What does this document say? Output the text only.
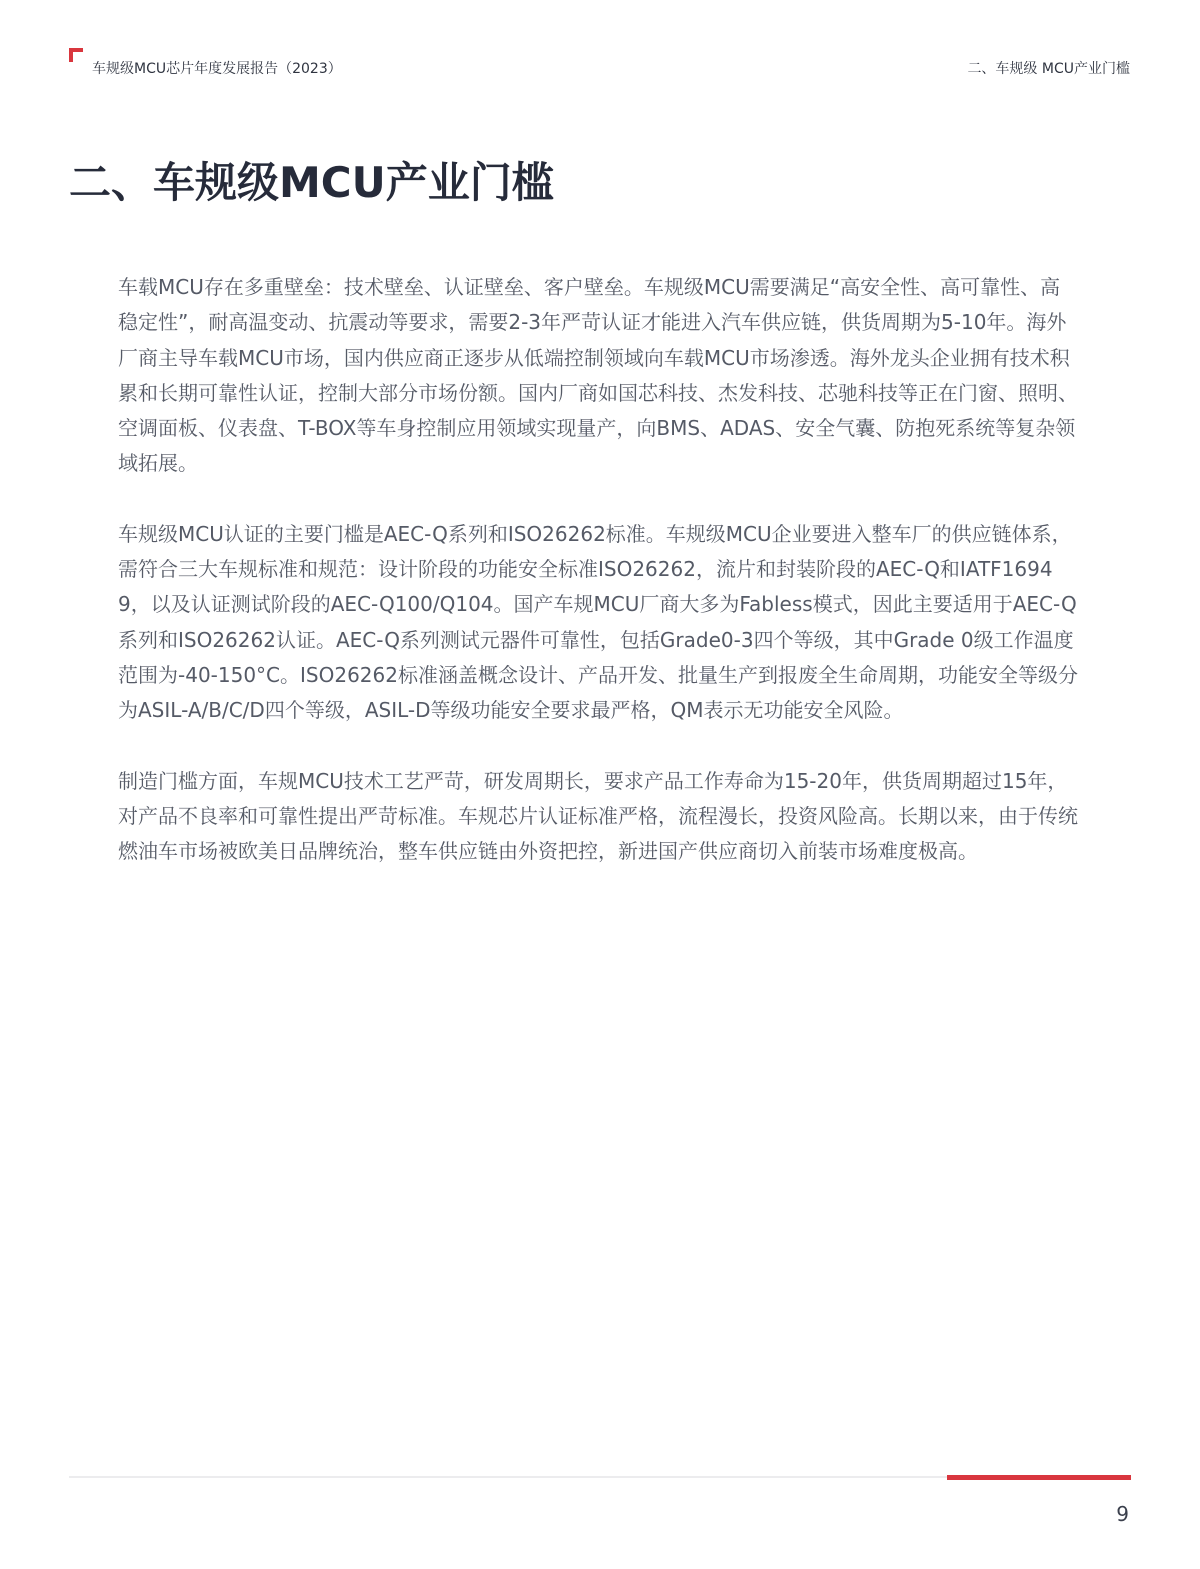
车规级MCU芯片年度发展报告（2023）	二、车规级 MCU产业门槛
二、车规级MCU产业门槛

车载MCU存在多重壁垒：技术壁垒、认证壁垒、客户壁垒。车规级MCU需要满足“高安全性、高可靠性、高稳定性”，耐高温变动、抗震动等要求，需要2-3年严苛认证才能进入汽车供应链，供货周期为5-10年。海外厂商主导车载MCU市场，国内供应商正逐步从低端控制领域向车载MCU市场渗透。海外龙头企业拥有技术积累和长期可靠性认证，控制大部分市场份额。国内厂商如国芯科技、杰发科技、芯驰科技等正在门窗、照明、空调面板、仪表盘、T-BOX等车身控制应用领域实现量产，向BMS、ADAS、安全气囊、防抱死系统等复杂领域拓展。

车规级MCU认证的主要门槛是AEC-Q系列和ISO26262标准。车规级MCU企业要进入整车厂的供应链体系，需符合三大车规标准和规范：设计阶段的功能安全标准ISO26262，流片和封装阶段的AEC-Q和IATF16949，以及认证测试阶段的AEC-Q100/Q104。国产车规MCU厂商大多为Fabless模式，因此主要适用于AEC-Q系列和ISO26262认证。AEC-Q系列测试元器件可靠性，包括Grade0-3四个等级，其中Grade 0级工作温度范围为-40-150°C。ISO26262标准涵盖概念设计、产品开发、批量生产到报废全生命周期，功能安全等级分为ASIL-A/B/C/D四个等级，ASIL-D等级功能安全要求最严格，QM表示无功能安全风险。

制造门槛方面，车规MCU技术工艺严苛，研发周期长，要求产品工作寿命为15-20年，供货周期超过15年，对产品不良率和可靠性提出严苛标准。车规芯片认证标准严格，流程漫长，投资风险高。长期以来，由于传统燃油车市场被欧美日品牌统治，整车供应链由外资把控，新进国产供应商切入前装市场难度极高。

9
